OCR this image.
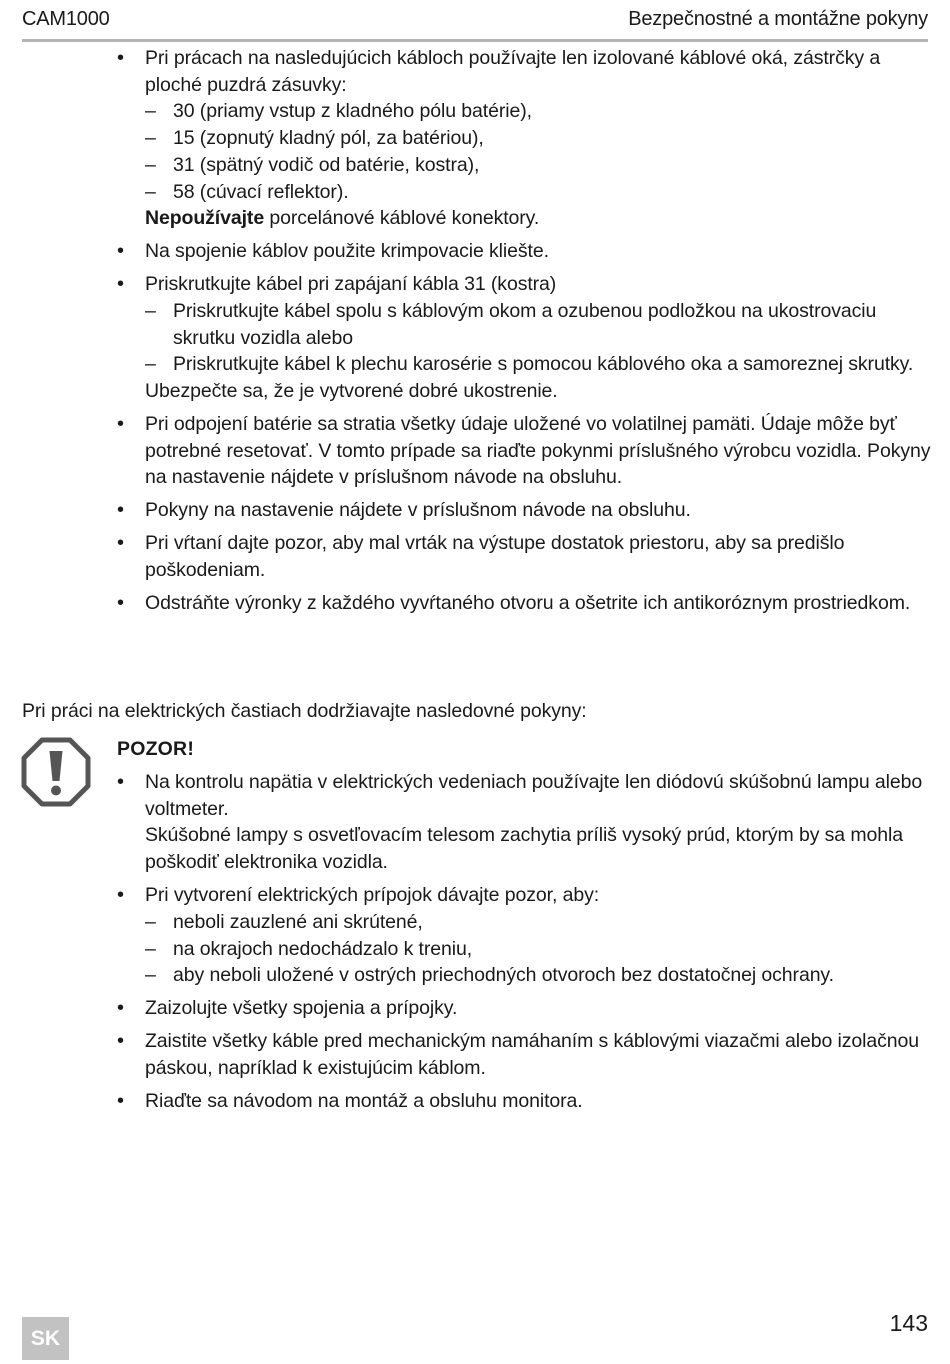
CAM1000	Bezpečnostné a montážne pokyny
• Pri prácach na nasledujúcich kábloch používajte len izolované káblové oká, zástrčky a ploché puzdrá zásuvky:
– 30 (priamy vstup z kladného pólu batérie),
– 15 (zopnutý kladný pól, za batériou),
– 31 (spätný vodič od batérie, kostra),
– 58 (cúvací reflektor).
Nepoužívajte porcelánové káblové konektory.
• Na spojenie káblov použite krimpovacie kliešte.
• Priskrutkujte kábel pri zapájaní kábla 31 (kostra)
– Priskrutkujte kábel spolu s káblovým okom a ozubenou podložkou na ukostrovaciu skrutku vozidla alebo
– Priskrutkujte kábel k plechu karosérie s pomocou káblového oka a samoreznej skrutky.
Ubezpečte sa, že je vytvorené dobré ukostrenie.
• Pri odpojení batérie sa stratia všetky údaje uložené vo volatilnej pamäti. Údaje môže byť potrebné resetovať. V tomto prípade sa riaďte pokynmi príslušného výrobcu vozidla. Pokyny na nastavenie nájdete v príslušnom návode na obsluhu.
• Pokyny na nastavenie nájdete v príslušnom návode na obsluhu.
• Pri vŕtaní dajte pozor, aby mal vrták na výstupe dostatok priestoru, aby sa predišlo poškodeniam.
• Odstráňte výronky z každého vyvŕtaného otvoru a ošetrite ich antikoróznym prostriedkom.
Pri práci na elektrických častiach dodržiavajte nasledovné pokyny:
POZOR!
• Na kontrolu napätia v elektrických vedeniach používajte len diódovú skúšobnú lampu alebo voltmeter.
Skúšobné lampy s osvetľovacím telesom zachytia príliš vysoký prúd, ktorým by sa mohla poškodiť elektronika vozidla.
• Pri vytvorení elektrických prípojok dávajte pozor, aby:
– neboli zauzlené ani skrútené,
– na okrajoch nedochádzalo k treniu,
– aby neboli uložené v ostrých priechodných otvoroch bez dostatočnej ochrany.
• Zaizolujte všetky spojenia a prípojky.
• Zaistite všetky káble pred mechanickým namáhaním s káblovými viazačmi alebo izolačnou páskou, napríklad k existujúcim káblom.
• Riaďte sa návodom na montáž a obsluhu monitora.
SK
143
